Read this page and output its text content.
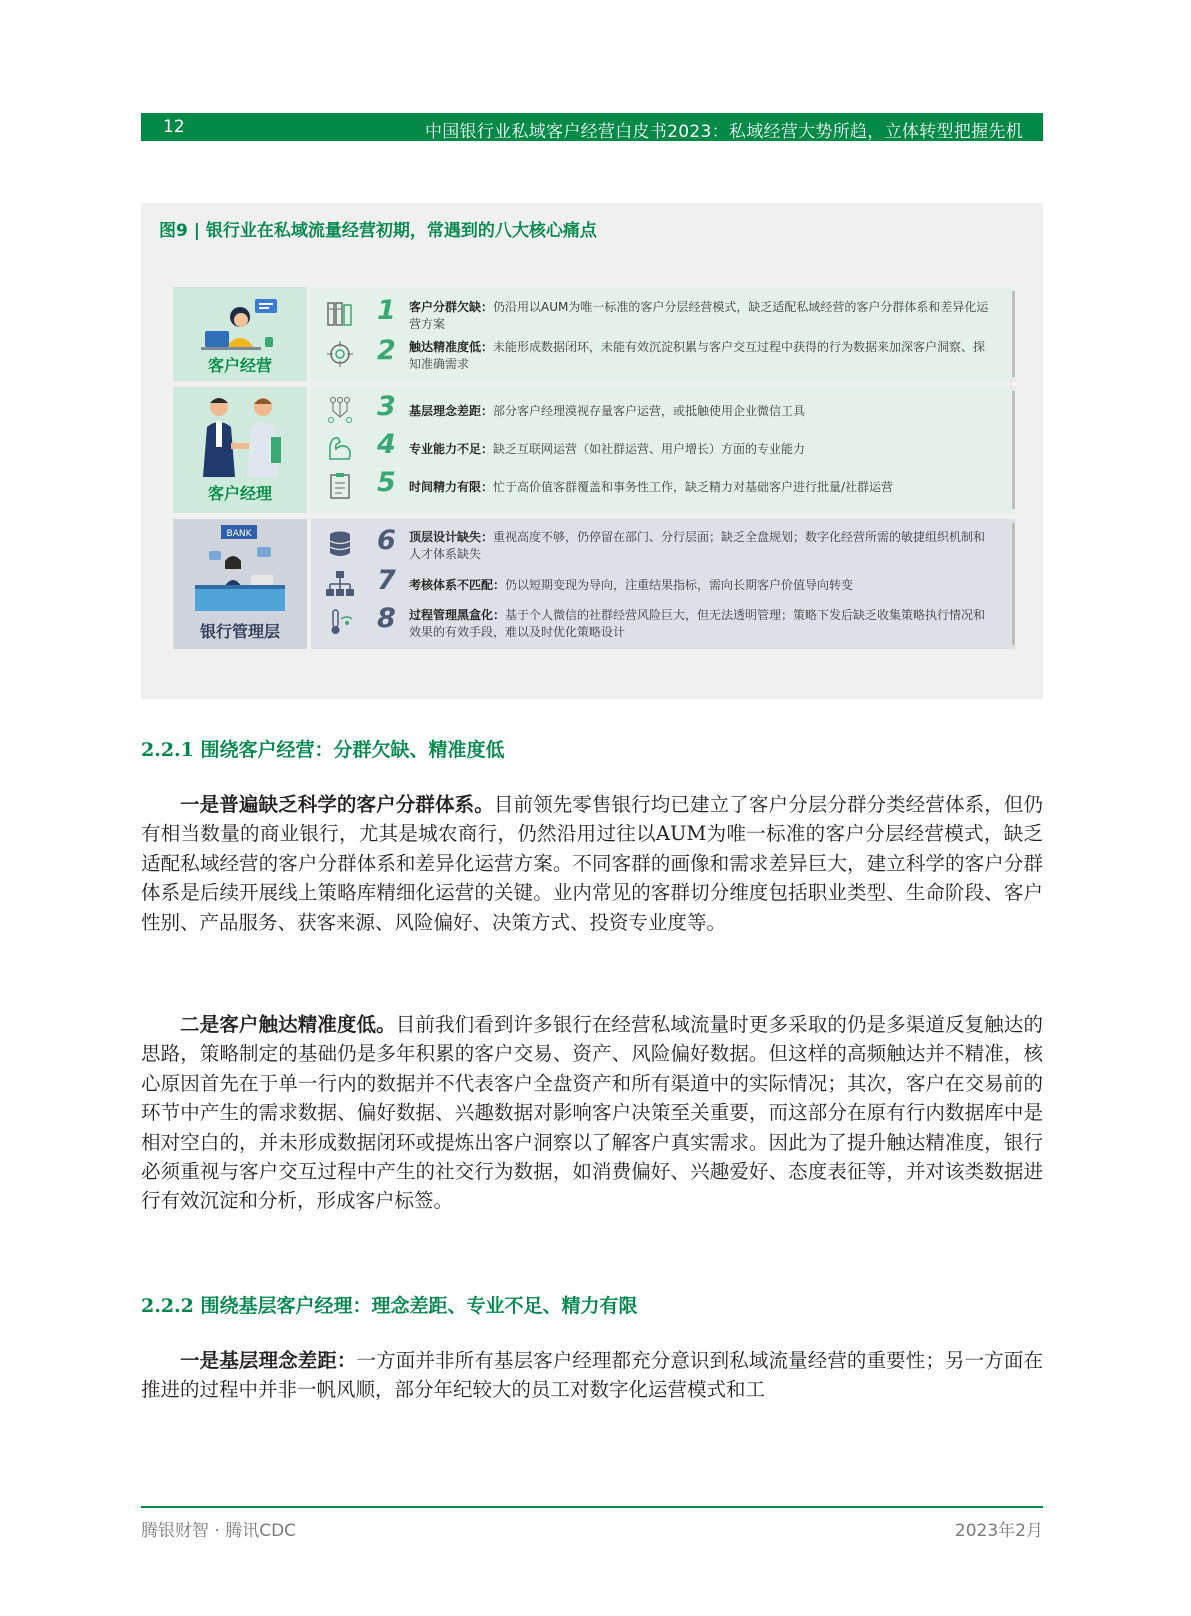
12	中国银行业私域客户经营白皮书2023：私域经营大势所趋，立体转型把握先机
图9 | 银行业在私域流量经营初期，常遇到的八大核心痛点
客户经营
1 客户分群欠缺：仍沿用以AUM为唯一标准的客户分层经营模式，缺乏适配私域经营的客户分群体系和差异化运营方案
2 触达精准度低：未能形成数据闭环，未能有效沉淀积累与客户交互过程中获得的行为数据来加深客户洞察、探知准确需求
客户经理
3 基层理念差距：部分客户经理漠视存量客户运营，或抵触使用企业微信工具
4 专业能力不足：缺乏互联网运营（如社群运营、用户增长）方面的专业能力
5 时间精力有限：忙于高价值客群覆盖和事务性工作，缺乏精力对基础客户进行批量/社群运营
BANK
银行管理层
6 顶层设计缺失：重视高度不够，仍停留在部门、分行层面；缺乏全盘规划；数字化经营所需的敏捷组织机制和人才体系缺失
7 考核体系不匹配：仍以短期变现为导向，注重结果指标，需向长期客户价值导向转变
8 过程管理黑盒化：基于个人微信的社群经营风险巨大，但无法透明管理；策略下发后缺乏收集策略执行情况和效果的有效手段，难以及时优化策略设计
2.2.1 围绕客户经营：分群欠缺、精准度低
一是普遍缺乏科学的客户分群体系。目前领先零售银行均已建立了客户分层分群分类经营体系，但仍有相当数量的商业银行，尤其是城农商行，仍然沿用过往以AUM为唯一标准的客户分层经营模式，缺乏适配私域经营的客户分群体系和差异化运营方案。不同客群的画像和需求差异巨大，建立科学的客户分群体系是后续开展线上策略库精细化运营的关键。业内常见的客群切分维度包括职业类型、生命阶段、客户性别、产品服务、获客来源、风险偏好、决策方式、投资专业度等。
二是客户触达精准度低。目前我们看到许多银行在经营私域流量时更多采取的仍是多渠道反复触达的思路，策略制定的基础仍是多年积累的客户交易、资产、风险偏好数据。但这样的高频触达并不精准，核心原因首先在于单一行内的数据并不代表客户全盘资产和所有渠道中的实际情况；其次，客户在交易前的环节中产生的需求数据、偏好数据、兴趣数据对影响客户决策至关重要，而这部分在原有行内数据库中是相对空白的，并未形成数据闭环或提炼出客户洞察以了解客户真实需求。因此为了提升触达精准度，银行必须重视与客户交互过程中产生的社交行为数据，如消费偏好、兴趣爱好、态度表征等，并对该类数据进行有效沉淀和分析，形成客户标签。
2.2.2 围绕基层客户经理：理念差距、专业不足、精力有限
一是基层理念差距：一方面并非所有基层客户经理都充分意识到私域流量经营的重要性；另一方面在推进的过程中并非一帆风顺，部分年纪较大的员工对数字化运营模式和工
腾银财智 · 腾讯CDC	2023年2月
